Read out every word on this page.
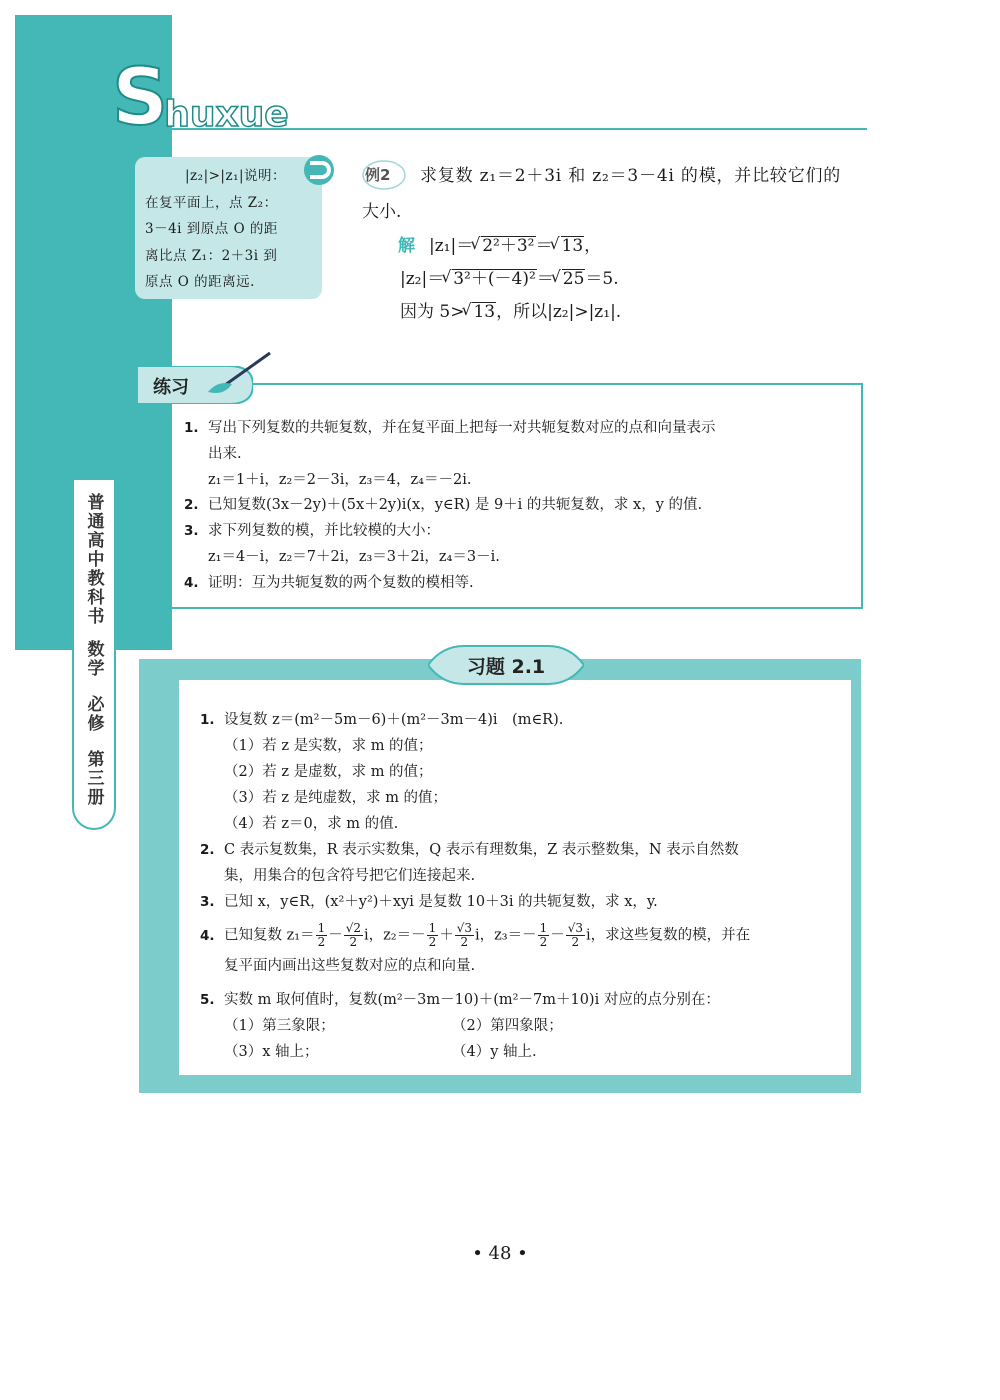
Shuxue
普
通
高
中
教
科
书
数
学
必
修
第
三
册
|z₂|>|z₁|说明：
在复平面上，点 Z₂：
3－4i 到原点 O 的距
离比点 Z₁：2＋3i 到
原点 O 的距离远.
求复数 z₁＝2＋3i 和 z₂＝3－4i 的模，并比较它们的
大小.
解 |z₁|＝ √ 2²＋3²＝ √ 13，
|z₂|＝ √ 3²＋(－4)²＝ √ 25＝5.
因为 5> √ 13，所以|z₂|>|z₁|.
例2
练习
1. 写出下列复数的共轭复数，并在复平面上把每一对共轭复数对应的点和向量表示
出来.
z₁＝1＋i，z₂＝2－3i，z₃＝4，z₄＝－2i.
2. 已知复数(3x－2y)＋(5x＋2y)i(x，y∈R) 是 9＋i 的共轭复数，求 x，y 的值.
3. 求下列复数的模，并比较模的大小：
z₁＝4－i，z₂＝7＋2i，z₃＝3＋2i，z₄＝3－i.
4. 证明：互为共轭复数的两个复数的模相等.
习题 2.1
1. 设复数 z＝(m²－5m－6)＋(m²－3m－4)i　(m∈R).
（1）若 z 是实数，求 m 的值；
（2）若 z 是虚数，求 m 的值；
（3）若 z 是纯虚数，求 m 的值；
（4）若 z＝0，求 m 的值.
2. C 表示复数集，R 表示实数集，Q 表示有理数集，Z 表示整数集，N 表示自然数
集，用集合的包含符号把它们连接起来.
3. 已知 x，y∈R，(x²＋y²)＋xyi 是复数 10＋3i 的共轭复数，求 x，y.
4. 已知复数 $z_1= \frac{1}{2} - \frac{√2}{2}$ i，$z_2=- \frac{1}{2} + \frac{√3}{2}$ i，$z_3=- \frac{1}{2} - \frac{√3}{2}$ i，求这些复数的模，并在
复平面内画出这些复数对应的点和向量.
5. 实数 m 取何值时，复数(m²－3m－10)＋(m²－7m＋10)i 对应的点分别在：
（1）第三象限；	（2）第四象限；
（3）x 轴上；	（4）y 轴上.
• 48 •
